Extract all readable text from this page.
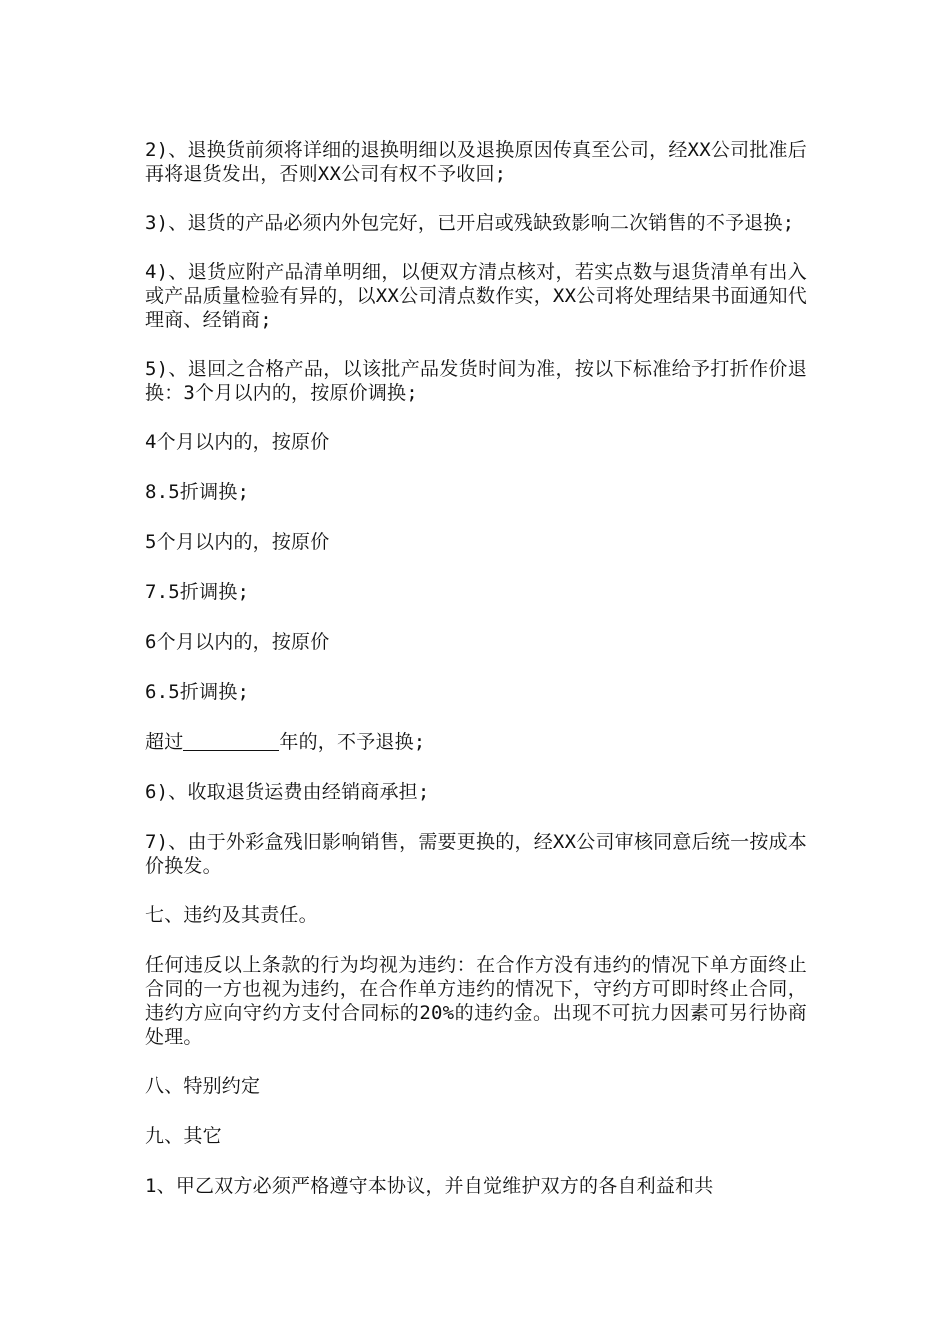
2)、退换货前须将详细的退换明细以及退换原因传真至公司，经XX公司批准后再将退货发出，否则XX公司有权不予收回;

3)、退货的产品必须内外包完好，已开启或残缺致影响二次销售的不予退换;

4)、退货应附产品清单明细，以便双方清点核对，若实点数与退货清单有出入或产品质量检验有异的，以XX公司清点数作实，XX公司将处理结果书面通知代理商、经销商;

5)、退回之合格产品，以该批产品发货时间为准，按以下标准给予打折作价退换：3个月以内的，按原价调换;

4个月以内的，按原价

8.5折调换;

5个月以内的，按原价

7.5折调换;

6个月以内的，按原价

6.5折调换;

超过	年的，不予退换;

6)、收取退货运费由经销商承担;

7)、由于外彩盒残旧影响销售，需要更换的，经XX公司审核同意后统一按成本价换发。

七、违约及其责任。

任何违反以上条款的行为均视为违约：在合作方没有违约的情况下单方面终止合同的一方也视为违约，在合作单方违约的情况下，守约方可即时终止合同，违约方应向守约方支付合同标的20%的违约金。出现不可抗力因素可另行协商处理。

八、特别约定

九、其它

1、甲乙双方必须严格遵守本协议，并自觉维护双方的各自利益和共
